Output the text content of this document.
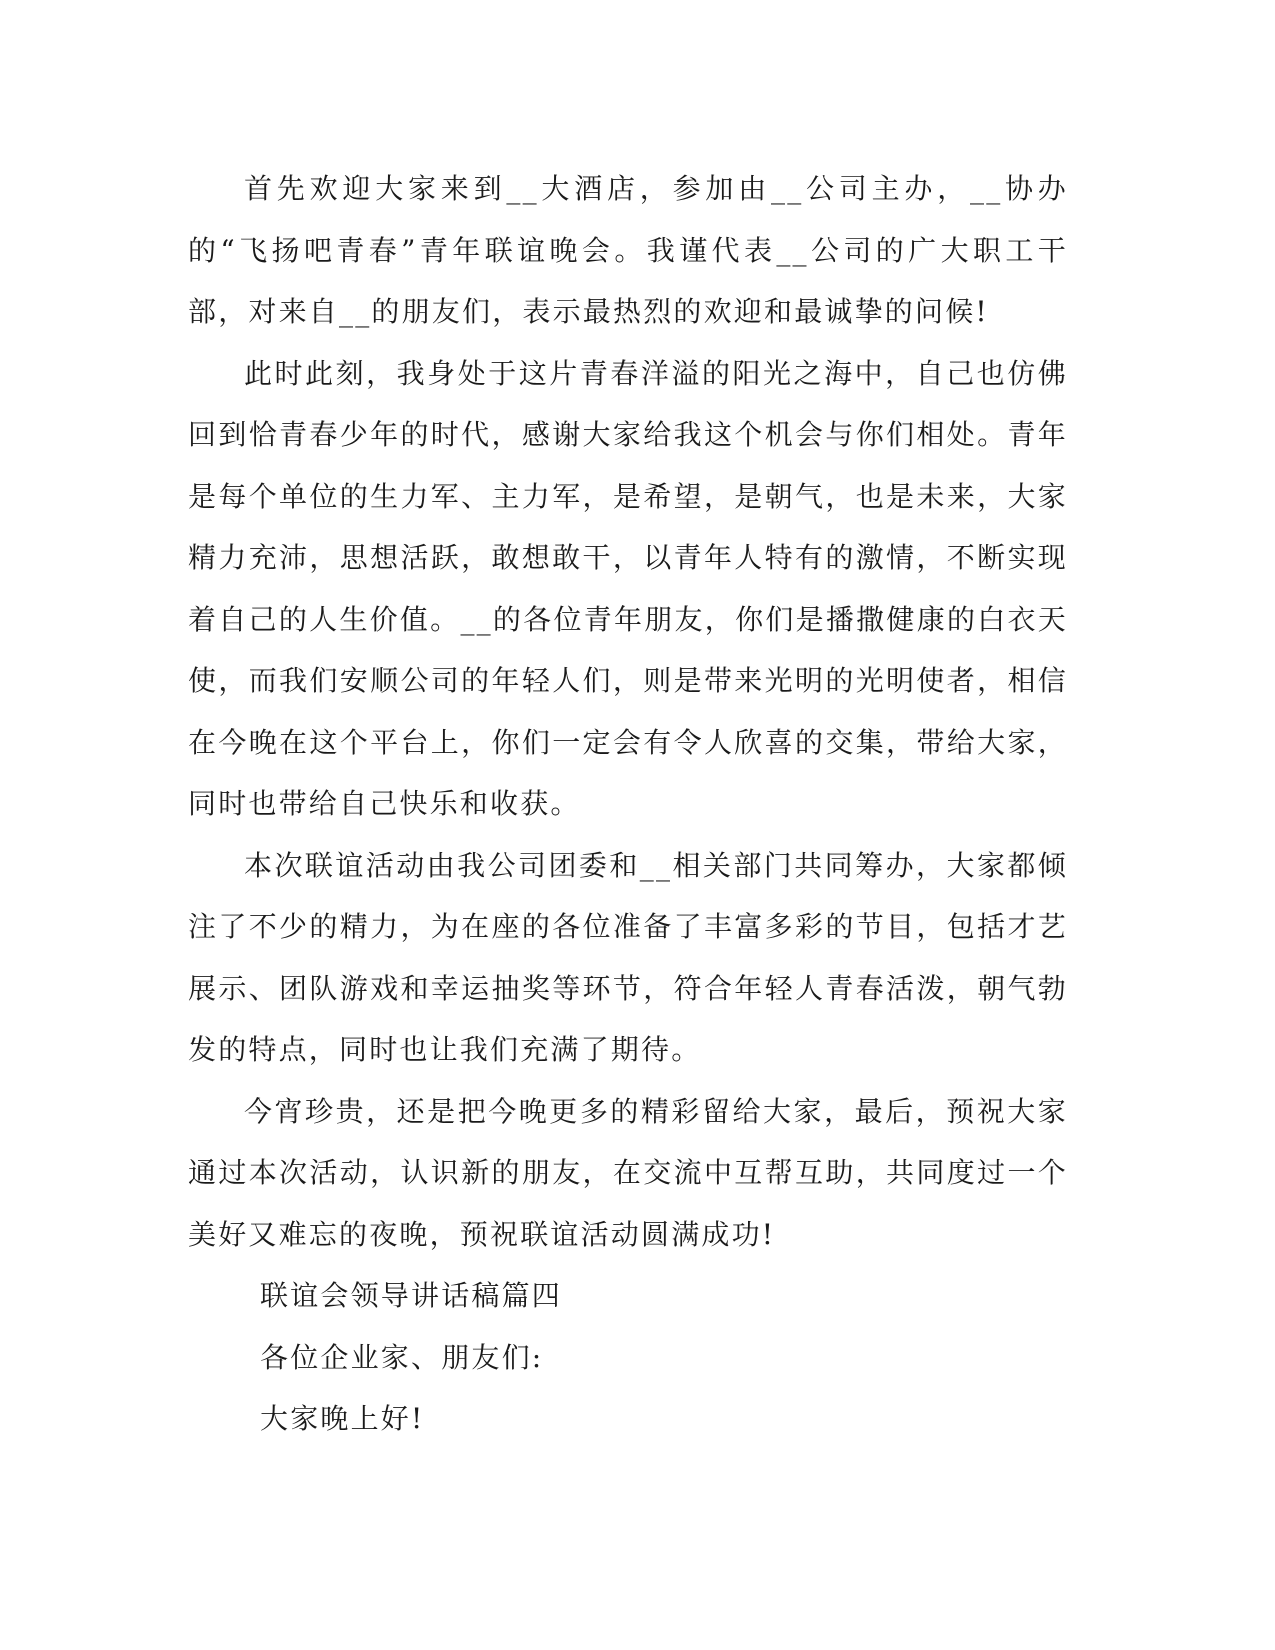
首先欢迎大家来到__大酒店，参加由__公司主办，__协办的“飞扬吧青春”青年联谊晚会。我谨代表__公司的广大职工干部，对来自__的朋友们，表示最热烈的欢迎和最诚挚的问候!

此时此刻，我身处于这片青春洋溢的阳光之海中，自己也仿佛回到恰青春少年的时代，感谢大家给我这个机会与你们相处。青年是每个单位的生力军、主力军，是希望，是朝气，也是未来，大家精力充沛，思想活跃，敢想敢干，以青年人特有的激情，不断实现着自己的人生价值。__的各位青年朋友，你们是播撒健康的白衣天使，而我们安顺公司的年轻人们，则是带来光明的光明使者，相信在今晚在这个平台上，你们一定会有令人欣喜的交集，带给大家，同时也带给自己快乐和收获。

本次联谊活动由我公司团委和__相关部门共同筹办，大家都倾注了不少的精力，为在座的各位准备了丰富多彩的节目，包括才艺展示、团队游戏和幸运抽奖等环节，符合年轻人青春活泼，朝气勃发的特点，同时也让我们充满了期待。

今宵珍贵，还是把今晚更多的精彩留给大家，最后，预祝大家通过本次活动，认识新的朋友，在交流中互帮互助，共同度过一个美好又难忘的夜晚，预祝联谊活动圆满成功!

联谊会领导讲话稿篇四

各位企业家、朋友们:

大家晚上好!
